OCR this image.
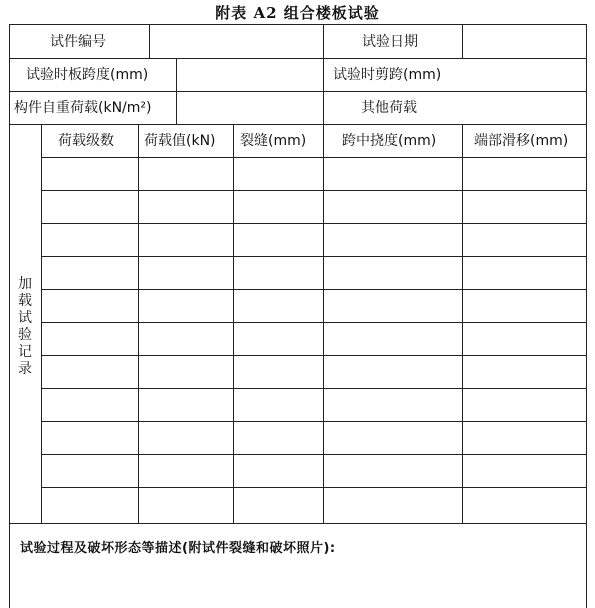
附表 A2 组合楼板试验
试件编号	试验日期
试验时板跨度(mm)	试验时剪跨(mm)
构件自重荷载(kN/m²)	其他荷载
荷载级数 荷载值(kN) 裂缝(mm)	跨中挠度(mm)	端部滑移(mm)
加
载
试
验
记
录
试验过程及破坏形态等描述(附试件裂缝和破坏照片):
